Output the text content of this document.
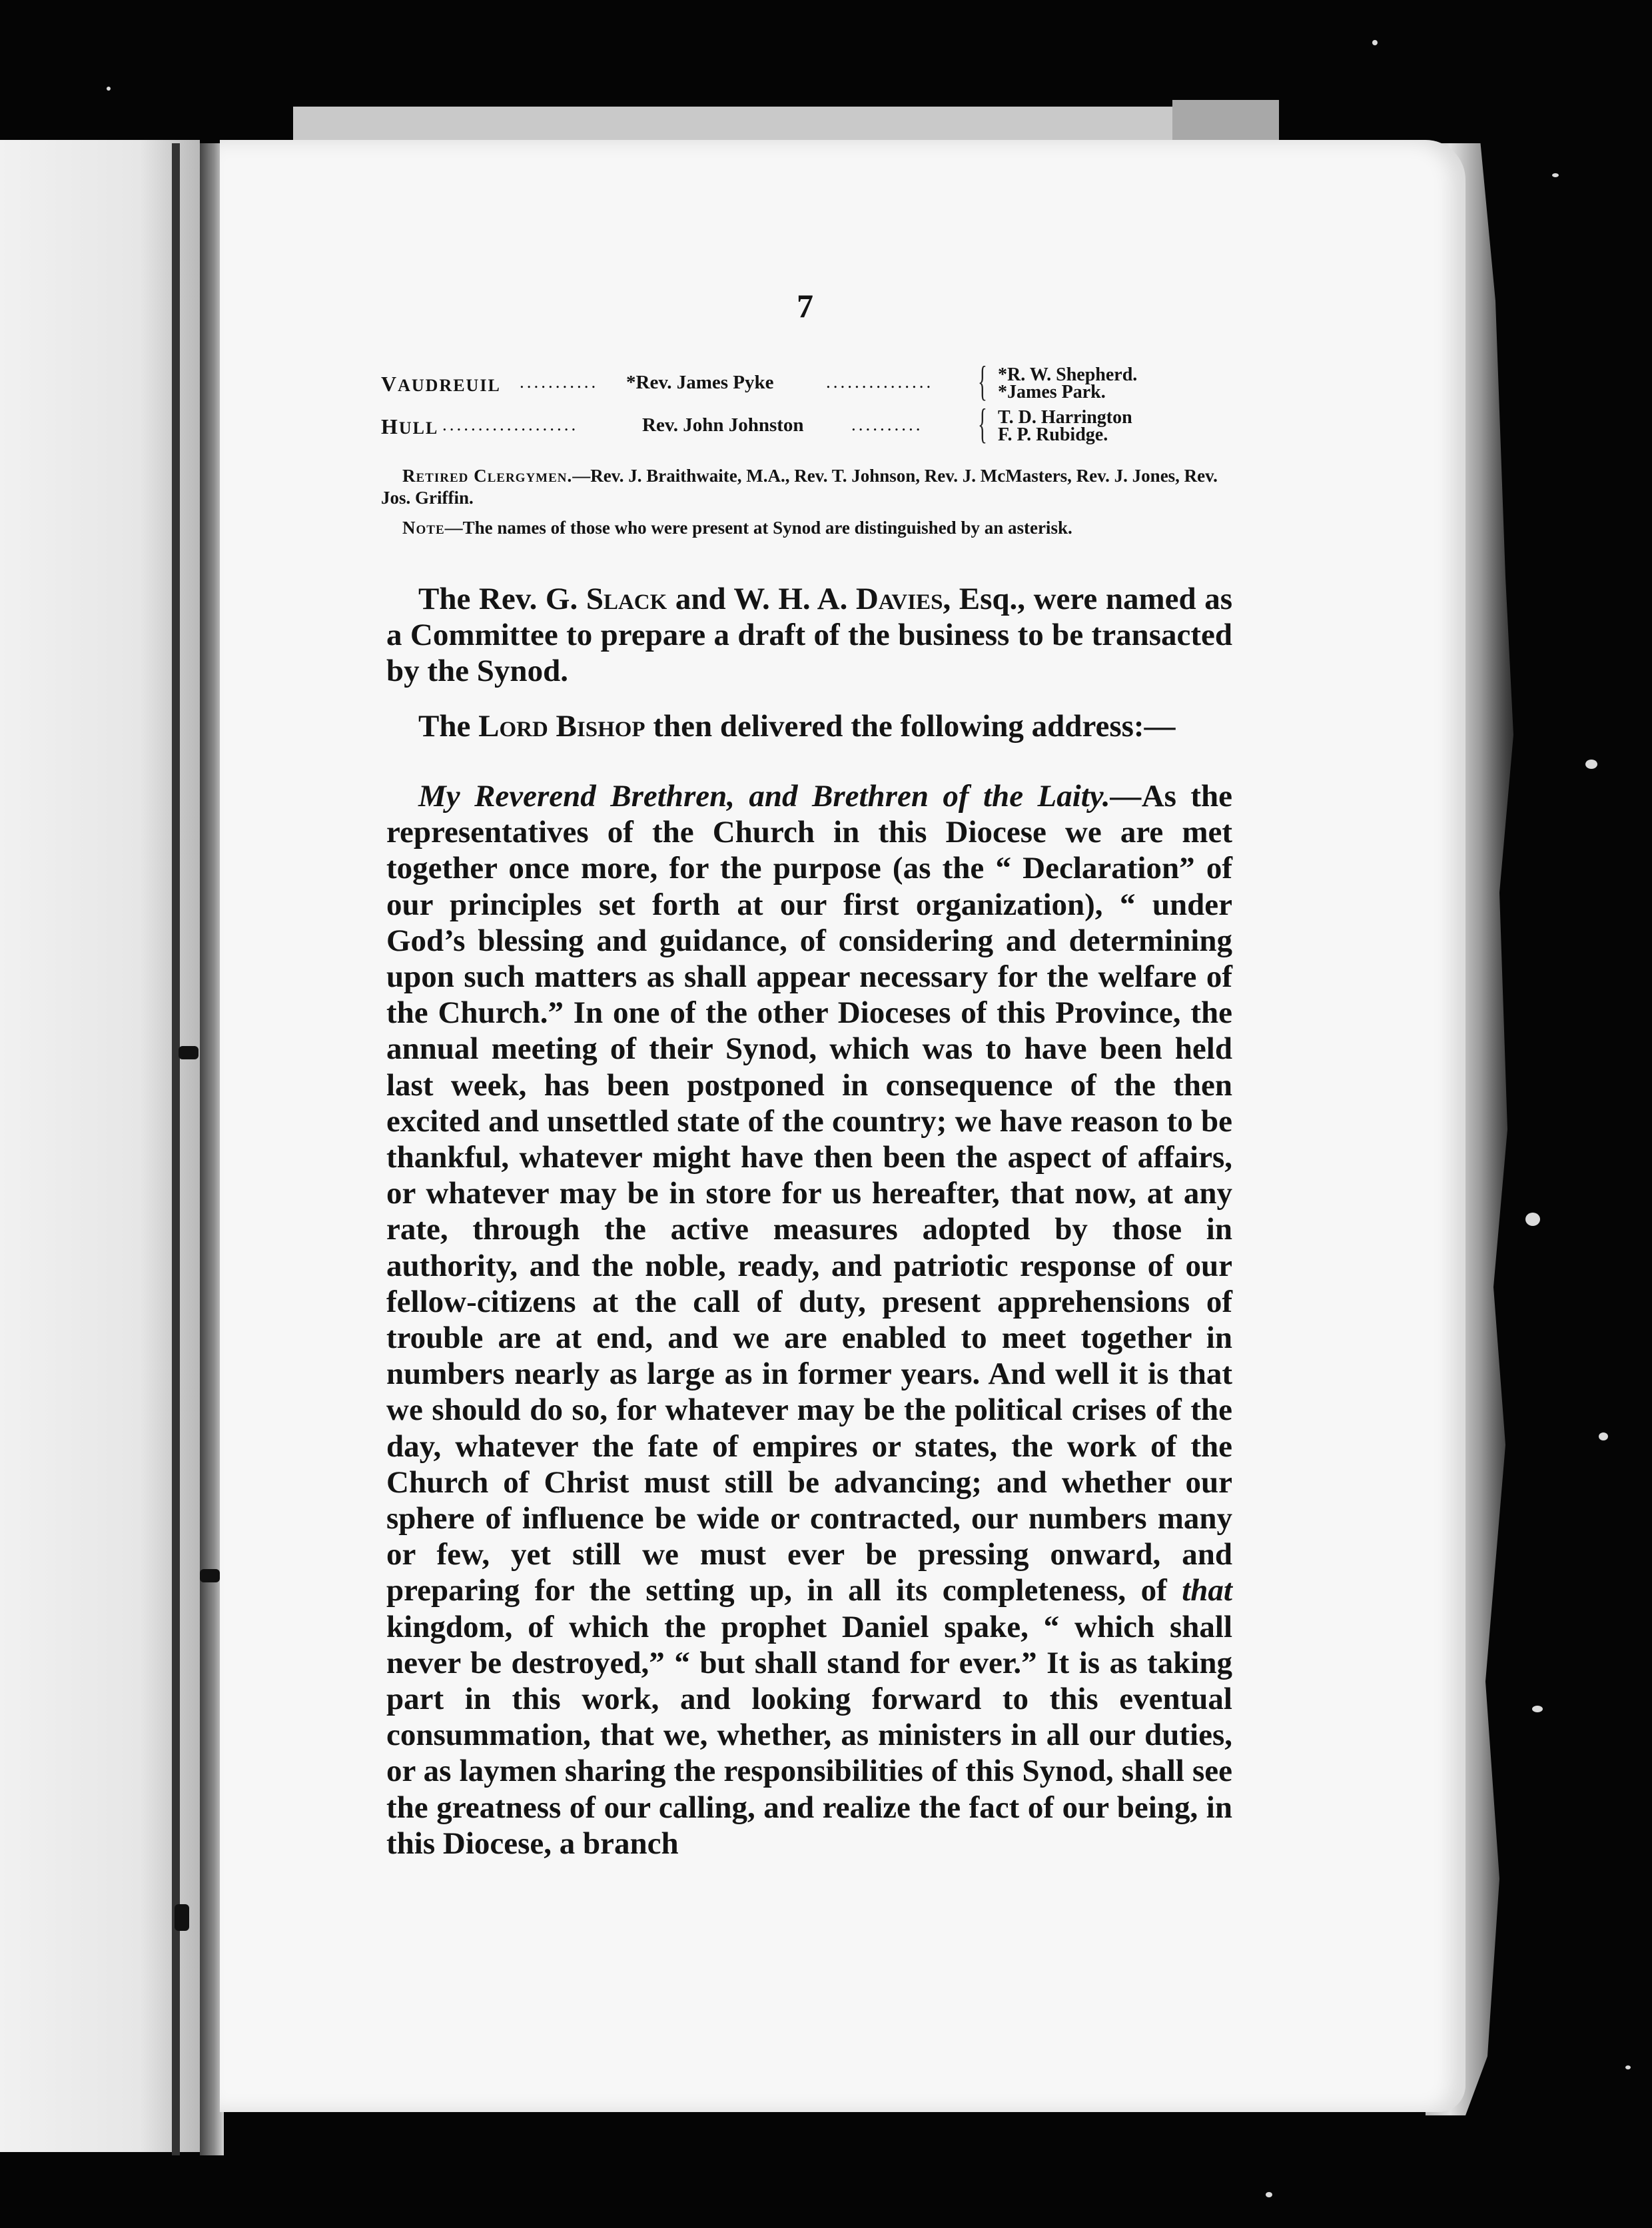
7
VAUDREUIL ........... *Rev. James Pyke	............... { *R. W. Shepherd.
*James Park.
HULL ...................	Rev. John Johnston	.......... { T. D. Harrington
F. P. Rubidge.
Retired Clergymen.—Rev. J. Braithwaite, M.A., Rev. T. Johnson, Rev. J. McMasters, Rev. J. Jones, Rev. Jos. Griffin.
Note—The names of those who were present at Synod are distinguished by an asterisk.
The Rev. G. Slack and W. H. A. Davies, Esq., were named as a Committee to prepare a draft of the business to be transacted by the Synod.
The Lord Bishop then delivered the following address:—
My Reverend Brethren, and Brethren of the Laity.—As the representatives of the Church in this Diocese we are met together once more, for the purpose (as the “ Declaration” of our principles set forth at our first organization), “ under God’s blessing and guidance, of considering and determining upon such matters as shall appear necessary for the welfare of the Church.” In one of the other Dioceses of this Province, the annual meeting of their Synod, which was to have been held last week, has been postponed in consequence of the then excited and unsettled state of the country; we have reason to be thankful, whatever might have then been the aspect of affairs, or whatever may be in store for us hereafter, that now, at any rate, through the active measures adopted by those in authority, and the noble, ready, and patriotic response of our fellow-citizens at the call of duty, present apprehensions of trouble are at end, and we are enabled to meet together in numbers nearly as large as in former years. And well it is that we should do so, for whatever may be the political crises of the day, whatever the fate of empires or states, the work of the Church of Christ must still be advancing; and whether our sphere of influence be wide or contracted, our numbers many or few, yet still we must ever be pressing onward, and preparing for the setting up, in all its completeness, of that kingdom, of which the prophet Daniel spake, “ which shall never be destroyed,” “ but shall stand for ever.” It is as taking part in this work, and looking forward to this eventual consummation, that we, whether, as ministers in all our duties, or as laymen sharing the responsibilities of this Synod, shall see the greatness of our calling, and realize the fact of our being, in this Diocese, a branch
